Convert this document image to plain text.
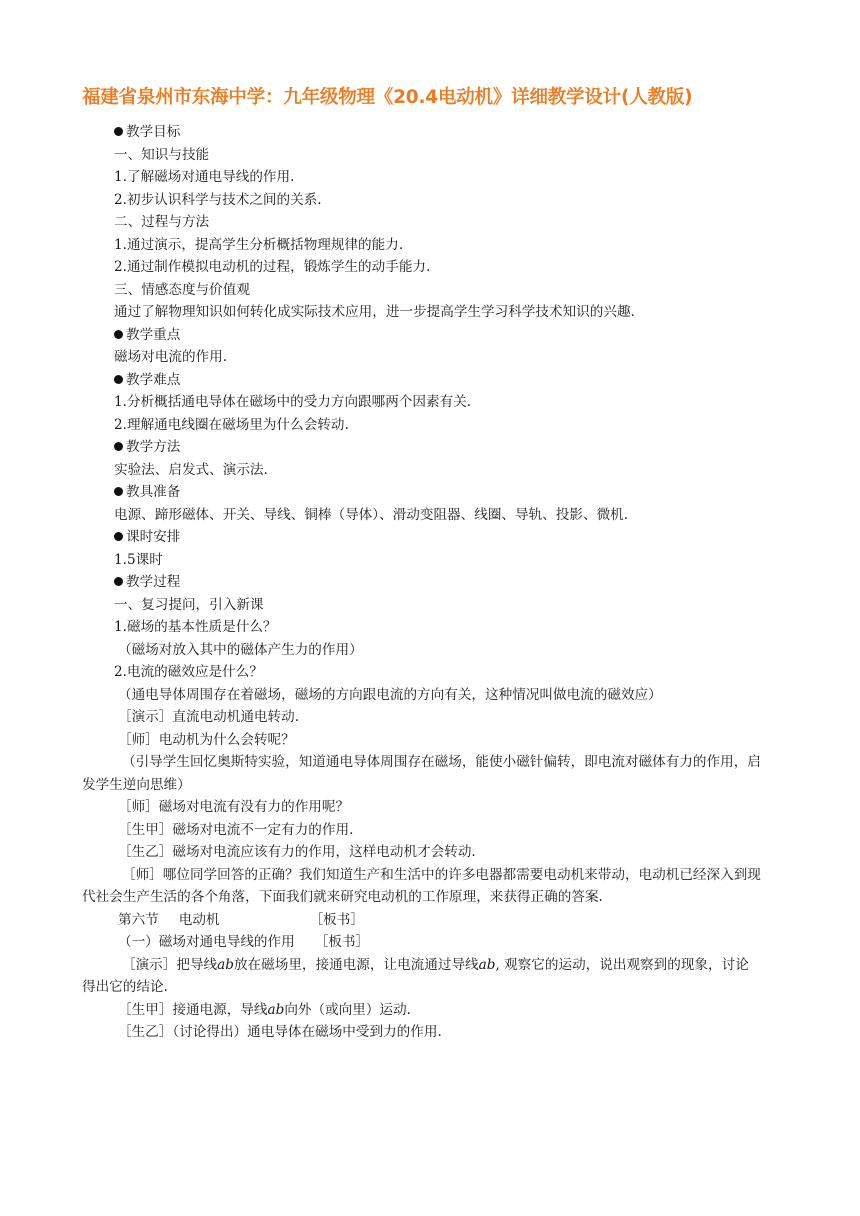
福建省泉州市东海中学：九年级物理《20.4电动机》详细教学设计(人教版)
教学目标
一、知识与技能
1.了解磁场对通电导线的作用.
2.初步认识科学与技术之间的关系.
二、过程与方法
1.通过演示，提高学生分析概括物理规律的能力.
2.通过制作模拟电动机的过程，锻炼学生的动手能力.
三、情感态度与价值观
通过了解物理知识如何转化成实际技术应用，进一步提高学生学习科学技术知识的兴趣.
教学重点
磁场对电流的作用.
教学难点
1.分析概括通电导体在磁场中的受力方向跟哪两个因素有关.
2.理解通电线圈在磁场里为什么会转动.
教学方法
实验法、启发式、演示法.
教具准备
电源、蹄形磁体、开关、导线、铜棒（导体）、滑动变阻器、线圈、导轨、投影、微机.
课时安排
1.5课时
教学过程
一、复习提问，引入新课
1.磁场的基本性质是什么？
（磁场对放入其中的磁体产生力的作用）
2.电流的磁效应是什么？
（通电导体周围存在着磁场，磁场的方向跟电流的方向有关，这种情况叫做电流的磁效应）
［演示］直流电动机通电转动.
［师］电动机为什么会转呢？
（引导学生回忆奥斯特实验，知道通电导体周围存在磁场，能使小磁针偏转，即电流对磁体有力的作用，启发学生逆向思维）
［师］磁场对电流有没有力的作用呢？
［生甲］磁场对电流不一定有力的作用.
［生乙］磁场对电流应该有力的作用，这样电动机才会转动.
［师］哪位同学回答的正确？我们知道生产和生活中的许多电器都需要电动机来带动，电动机已经深入到现代社会生产生活的各个角落，下面我们就来研究电动机的工作原理，来获得正确的答案.
第六节 电动机	［板书］
（一）磁场对通电导线的作用 ［板书］
［演示］把导线ab放在磁场里，接通电源，让电流通过导线ab, 观察它的运动，说出观察到的现象，讨论得出它的结论.
［生甲］接通电源，导线ab向外（或向里）运动.
［生乙］（讨论得出）通电导体在磁场中受到力的作用.
